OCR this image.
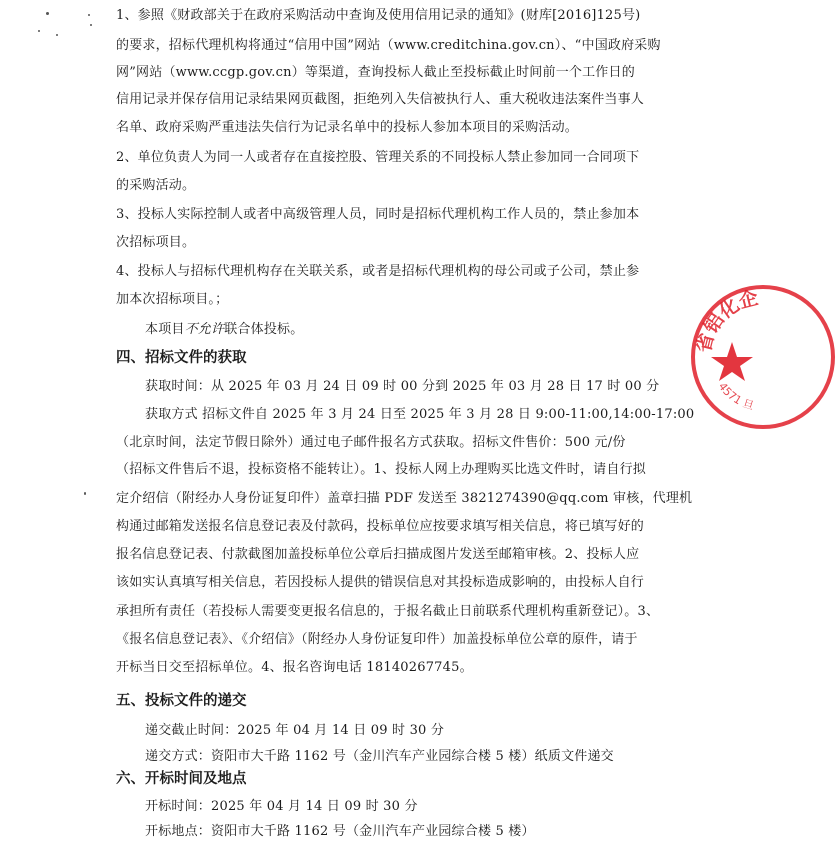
1、参照《财政部关于在政府采购活动中查询及使用信用记录的通知》(财库[2016]125号)
的要求，招标代理机构将通过“信用中国”网站（www.creditchina.gov.cn）、“中国政府采购
网”网站（www.ccgp.gov.cn）等渠道，查询投标人截止至投标截止时间前一个工作日的
信用记录并保存信用记录结果网页截图，拒绝列入失信被执行人、重大税收违法案件当事人
名单、政府采购严重违法失信行为记录名单中的投标人参加本项目的采购活动。
2、单位负责人为同一人或者存在直接控股、管理关系的不同投标人禁止参加同一合同项下
的采购活动。
3、投标人实际控制人或者中高级管理人员，同时是招标代理机构工作人员的，禁止参加本
次招标项目。
4、投标人与招标代理机构存在关联关系，或者是招标代理机构的母公司或子公司，禁止参
加本次招标项目。；
本项目不允许联合体投标。
四、招标文件的获取
获取时间：从 2025 年 03 月 24 日 09 时 00 分到 2025 年 03 月 28 日 17 时 00 分
获取方式 招标文件自 2025 年 3 月 24 日至 2025 年 3 月 28 日 9:00-11:00,14:00-17:00
（北京时间，法定节假日除外）通过电子邮件报名方式获取。招标文件售价：500 元/份
（招标文件售后不退，投标资格不能转让）。1、投标人网上办理购买比选文件时，请自行拟
定介绍信（附经办人身份证复印件）盖章扫描 PDF 发送至 3821274390@qq.com 审核，代理机
构通过邮箱发送报名信息登记表及付款码，投标单位应按要求填写相关信息，将已填写好的
报名信息登记表、付款截图加盖投标单位公章后扫描成图片发送至邮箱审核。2、投标人应
该如实认真填写相关信息，若因投标人提供的错误信息对其投标造成影响的，由投标人自行
承担所有责任（若投标人需要变更报名信息的，于报名截止日前联系代理机构重新登记）。3、
《报名信息登记表》、《介绍信》（附经办人身份证复印件）加盖投标单位公章的原件，请于
开标当日交至招标单位。4、报名咨询电话 18140267745。
五、投标文件的递交
递交截止时间：2025 年 04 月 14 日 09 时 30 分
递交方式：资阳市大千路 1162 号（金川汽车产业园综合楼 5 楼）纸质文件递交
六、开标时间及地点
开标时间：2025 年 04 月 14 日 09 时 30 分
开标地点：资阳市大千路 1162 号（金川汽车产业园综合楼 5 楼）
省铝化企
4571 旦
